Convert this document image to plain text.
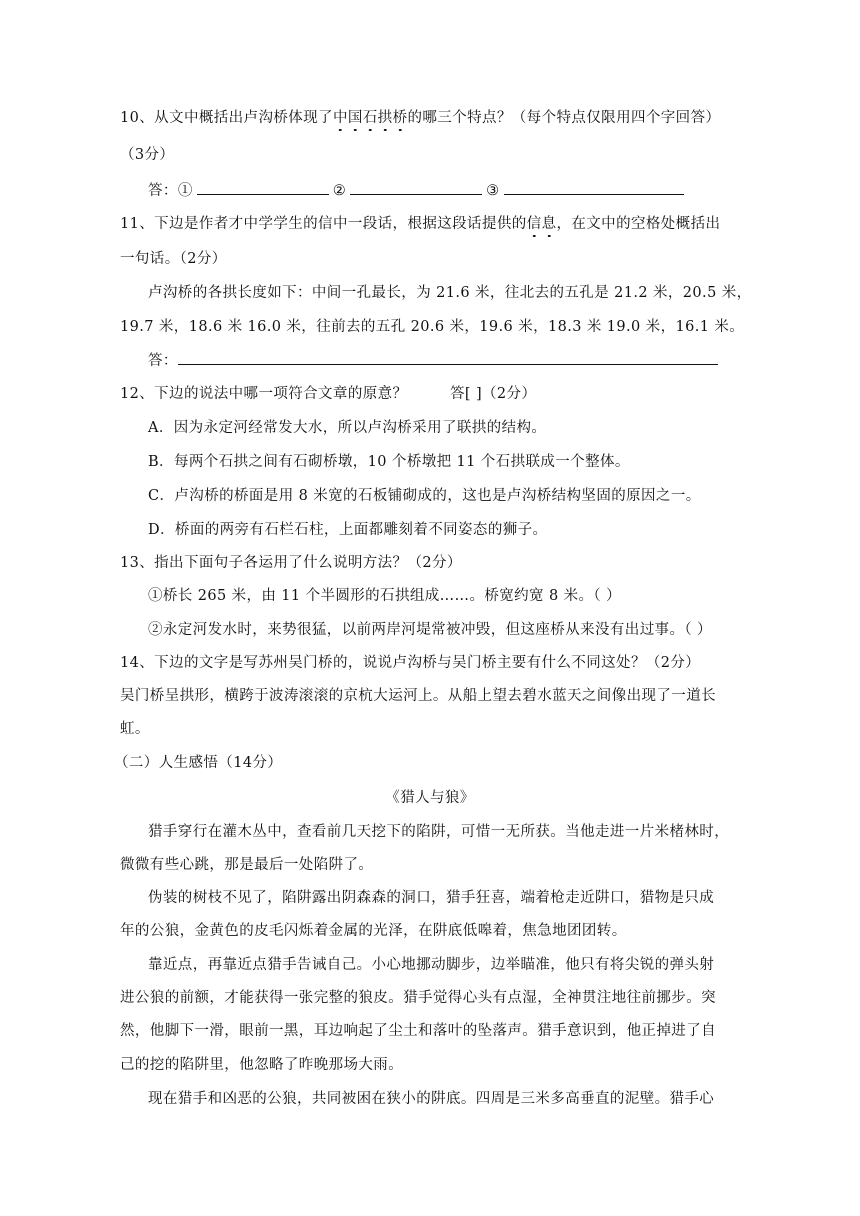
10、从文中概括出卢沟桥体现了中国石拱桥的哪三个特点？（每个特点仅限用四个字回答）
（3分）
答：①	②	③
11、下边是作者才中学学生的信中一段话，根据这段话提供的信息，在文中的空格处概括出
一句话。（2分）
卢沟桥的各拱长度如下：中间一孔最长，为 21.6 米，往北去的五孔是 21.2 米，20.5 米，
19.7 米，18.6 米 16.0 米，往前去的五孔 20.6 米，19.6 米，18.3 米 19.0 米，16.1 米。
答：
12、下边的说法中哪一项符合文章的原意？	答[ ]（2分）
A．因为永定河经常发大水，所以卢沟桥采用了联拱的结构。
B．每两个石拱之间有石砌桥墩，10 个桥墩把 11 个石拱联成一个整体。
C．卢沟桥的桥面是用 8 米宽的石板铺砌成的，这也是卢沟桥结构坚固的原因之一。
D．桥面的两旁有石栏石柱，上面都雕刻着不同姿态的狮子。
13、指出下面句子各运用了什么说明方法？（2分）
①桥长 265 米，由 11 个半圆形的石拱组成……。桥宽约宽 8 米。（ ）
②永定河发水时，来势很猛，以前两岸河堤常被冲毁，但这座桥从来没有出过事。（ ）
14、下边的文字是写苏州吴门桥的，说说卢沟桥与吴门桥主要有什么不同这处？（2分）
吴门桥呈拱形，横跨于波涛滚滚的京杭大运河上。从船上望去碧水蓝天之间像出现了一道长
虹。
（二）人生感悟（14分）
《猎人与狼》
猎手穿行在灌木丛中，查看前几天挖下的陷阱，可惜一无所获。当他走进一片米楮林时，
微微有些心跳，那是最后一处陷阱了。
伪装的树枝不见了，陷阱露出阴森森的洞口，猎手狂喜，端着枪走近阱口，猎物是只成
年的公狼，金黄色的皮毛闪烁着金属的光泽，在阱底低嗥着，焦急地团团转。
靠近点，再靠近点猎手告诫自己。小心地挪动脚步，边举瞄准，他只有将尖锐的弹头射
进公狼的前额，才能获得一张完整的狼皮。猎手觉得心头有点湿，全神贯注地往前挪步。突
然，他脚下一滑，眼前一黑，耳边响起了尘土和落叶的坠落声。猎手意识到，他正掉进了自
己的挖的陷阱里，他忽略了昨晚那场大雨。
现在猎手和凶恶的公狼，共同被困在狭小的阱底。四周是三米多高垂直的泥壁。猎手心
